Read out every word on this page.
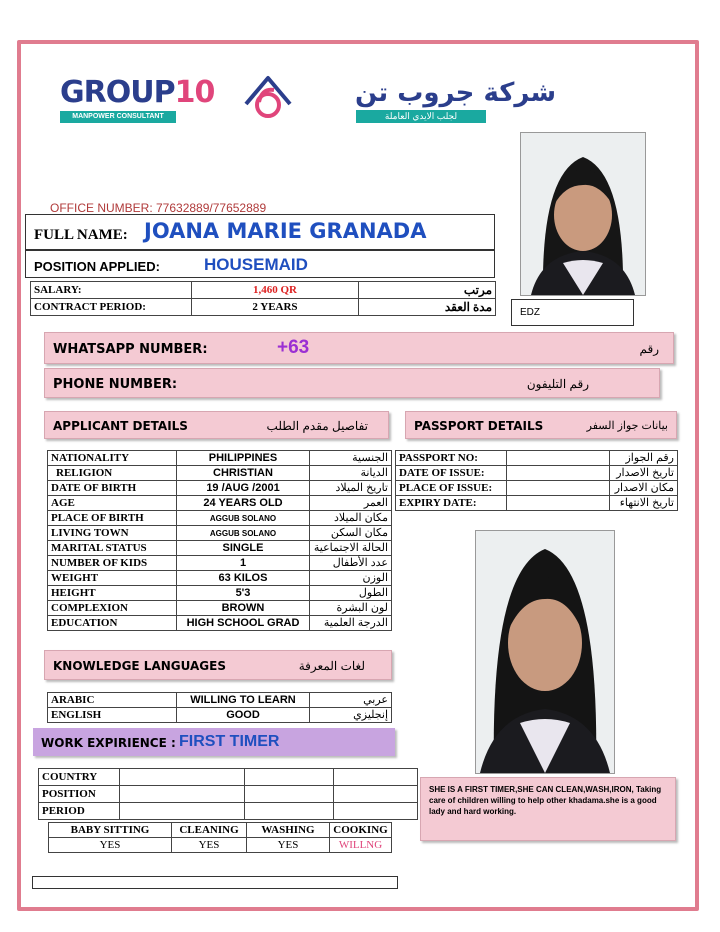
GROUP10
MANPOWER CONSULTANT
شركة جروب تن
لجلب الايدي العاملة
EDZ
OFFICE NUMBER: 77632889/77652889
FULL NAME: JOANA MARIE GRANADA
POSITION APPLIED:	HOUSEMAID
SALARY:	1,460 QR	مرتب
CONTRACT PERIOD:	2 YEARS	مدة العقد
WHATSAPP NUMBER:	+63	رقم
PHONE NUMBER:	رقم التليفون
APPLICANT DETAILS	تفاصيل مقدم الطلب	PASSPORT DETAILS	بيانات جواز السفر
NATIONALITY	PHILIPPINES	الجنسية
RELIGION	CHRISTIAN	الديانة
DATE OF BIRTH	19 /AUG /2001	تاريخ الميلاد
AGE	24 YEARS OLD	العمر
PLACE OF BIRTH	AGGUB SOLANO	مكان الميلاد
LIVING TOWN	AGGUB SOLANO	مكان السكن
MARITAL STATUS	SINGLE	الحالة الاجتماعية
NUMBER OF KIDS	1	عدد الأطفال
WEIGHT	63 KILOS	الوزن
HEIGHT	5'3	الطول
COMPLEXION	BROWN	لون البشرة
EDUCATION	HIGH SCHOOL GRAD	الدرجة العلمية
PASSPORT NO:		رقم الجواز
DATE OF ISSUE:		تاريخ الاصدار
PLACE OF ISSUE:		مكان الاصدار
EXPIRY DATE:		تاريخ الانتهاء
KNOWLEDGE LANGUAGES	لغات المعرفة
ARABIC	WILLING TO LEARN	عربي
ENGLISH	GOOD	إنجليزي
WORK EXPIRIENCE : FIRST TIMER
COUNTRY			
POSITION			
PERIOD			
BABY SITTING	CLEANING	WASHING	COOKING
YES	YES	YES	WILLNG
SHE IS A FIRST TIMER,SHE CAN CLEAN,WASH,IRON, Taking care of children willing to help other khadama.she is a good lady and hard working.
